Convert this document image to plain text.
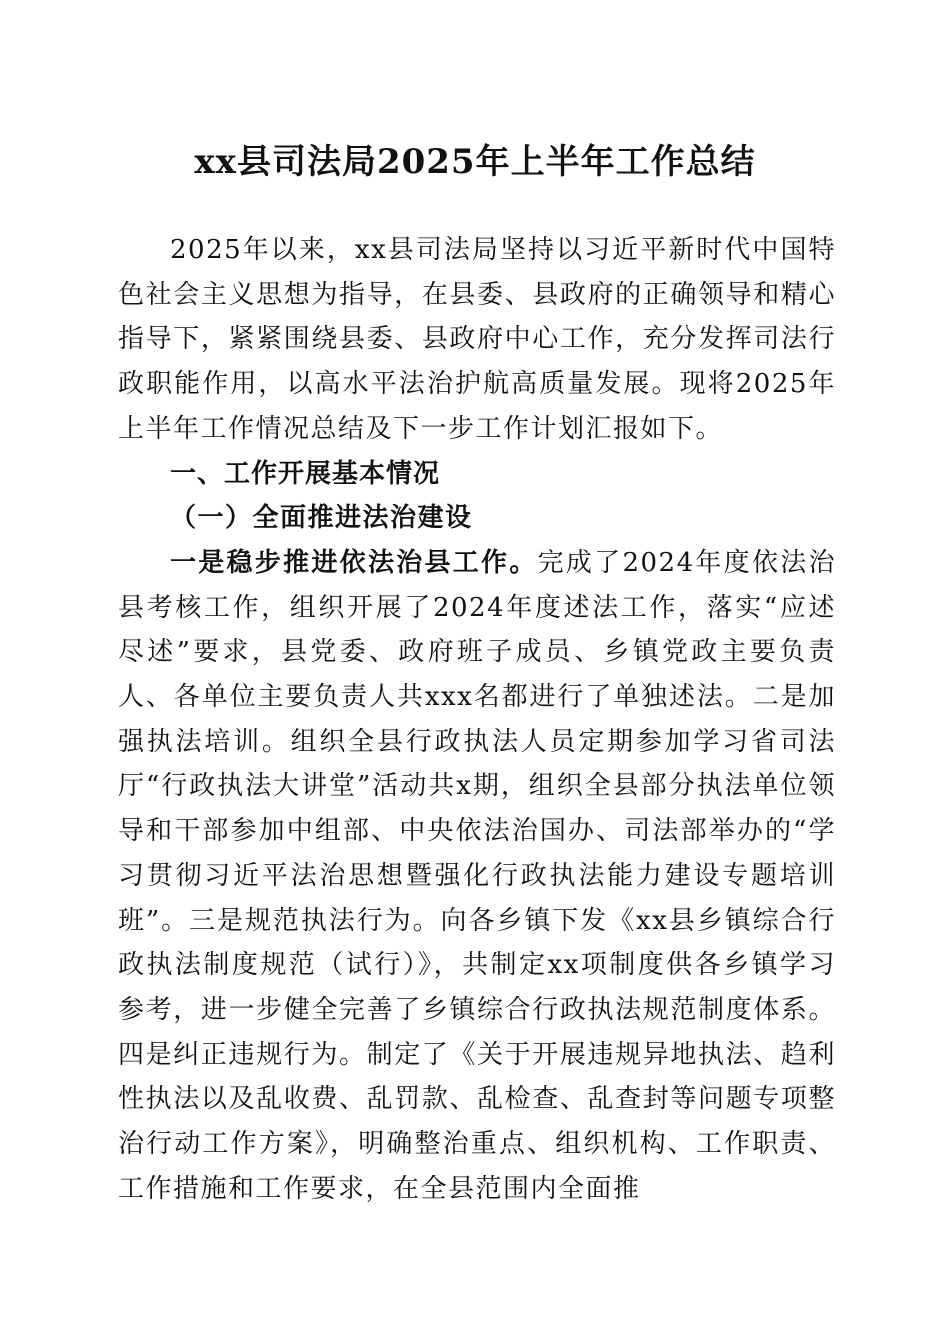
xx县司法局2025年上半年工作总结

2025年以来，xx县司法局坚持以习近平新时代中国特色社会主义思想为指导，在县委、县政府的正确领导和精心指导下，紧紧围绕县委、县政府中心工作，充分发挥司法行政职能作用，以高水平法治护航高质量发展。现将2025年上半年工作情况总结及下一步工作计划汇报如下。

一、工作开展基本情况

（一）全面推进法治建设

一是稳步推进依法治县工作。完成了2024年度依法治县考核工作，组织开展了2024年度述法工作，落实“应述尽述”要求，县党委、政府班子成员、乡镇党政主要负责人、各单位主要负责人共xxx名都进行了单独述法。二是加强执法培训。组织全县行政执法人员定期参加学习省司法厅“行政执法大讲堂”活动共x期，组织全县部分执法单位领导和干部参加中组部、中央依法治国办、司法部举办的“学习贯彻习近平法治思想暨强化行政执法能力建设专题培训班”。三是规范执法行为。向各乡镇下发《xx县乡镇综合行政执法制度规范（试行）》，共制定xx项制度供各乡镇学习参考，进一步健全完善了乡镇综合行政执法规范制度体系。四是纠正违规行为。制定了《关于开展违规异地执法、趋利性执法以及乱收费、乱罚款、乱检查、乱查封等问题专项整治行动工作方案》，明确整治重点、组织机构、工作职责、工作措施和工作要求，在全县范围内全面推
